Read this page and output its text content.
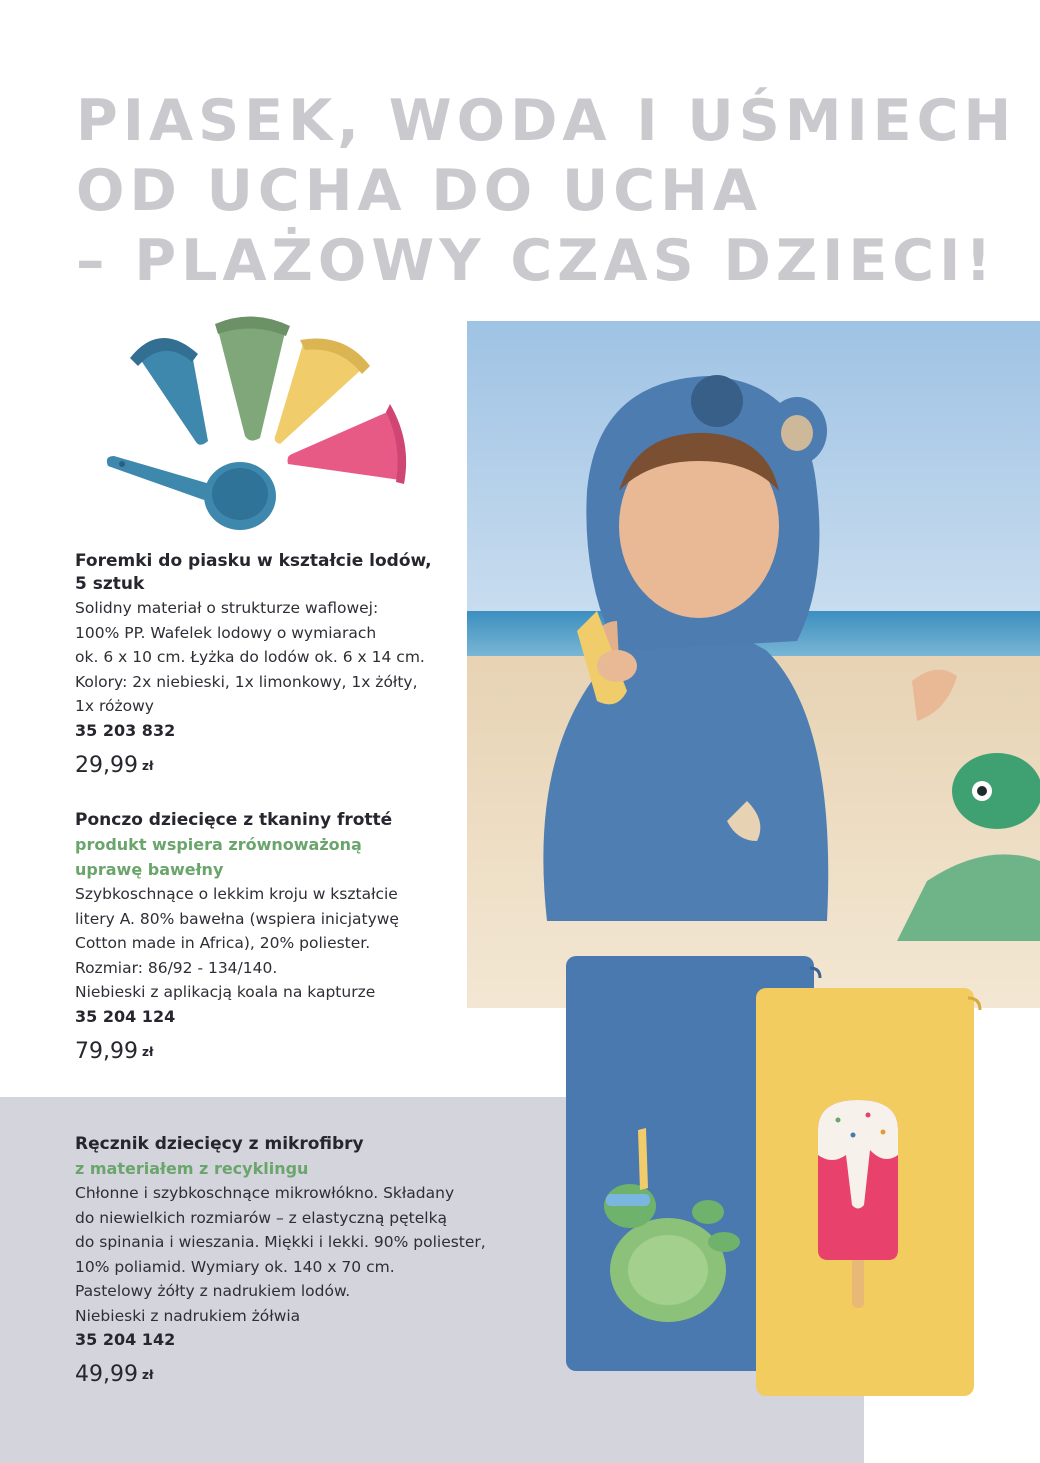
PIASEK, WODA I UŚMIECH
OD UCHA DO UCHA
– PLAŻOWY CZAS DZIECI!
Foremki do piasku w kształcie lodów,
5 sztuk
Solidny materiał o strukturze waflowej:
100% PP. Wafelek lodowy o wymiarach
ok. 6 x 10 cm. Łyżka do lodów ok. 6 x 14 cm.
Kolory: 2x niebieski, 1x limonkowy, 1x żółty,
1x różowy
35 203 832
29,99 zł
Ponczo dziecięce z tkaniny frotté
produkt wspiera zrównoważoną
uprawę bawełny
Szybkoschnące o lekkim kroju w kształcie
litery A. 80% bawełna (wspiera inicjatywę
Cotton made in Africa), 20% poliester.
Rozmiar: 86/92 - 134/140.
Niebieski z aplikacją koala na kapturze
35 204 124
79,99 zł
Ręcznik dziecięcy z mikrofibry
z materiałem z recyklingu
Chłonne i szybkoschnące mikrowłókno. Składany
do niewielkich rozmiarów – z elastyczną pętelką
do spinania i wieszania. Miękki i lekki. 90% poliester,
10% poliamid. Wymiary ok. 140 x 70 cm.
Pastelowy żółty z nadrukiem lodów.
Niebieski z nadrukiem żółwia
35 204 142
49,99 zł
